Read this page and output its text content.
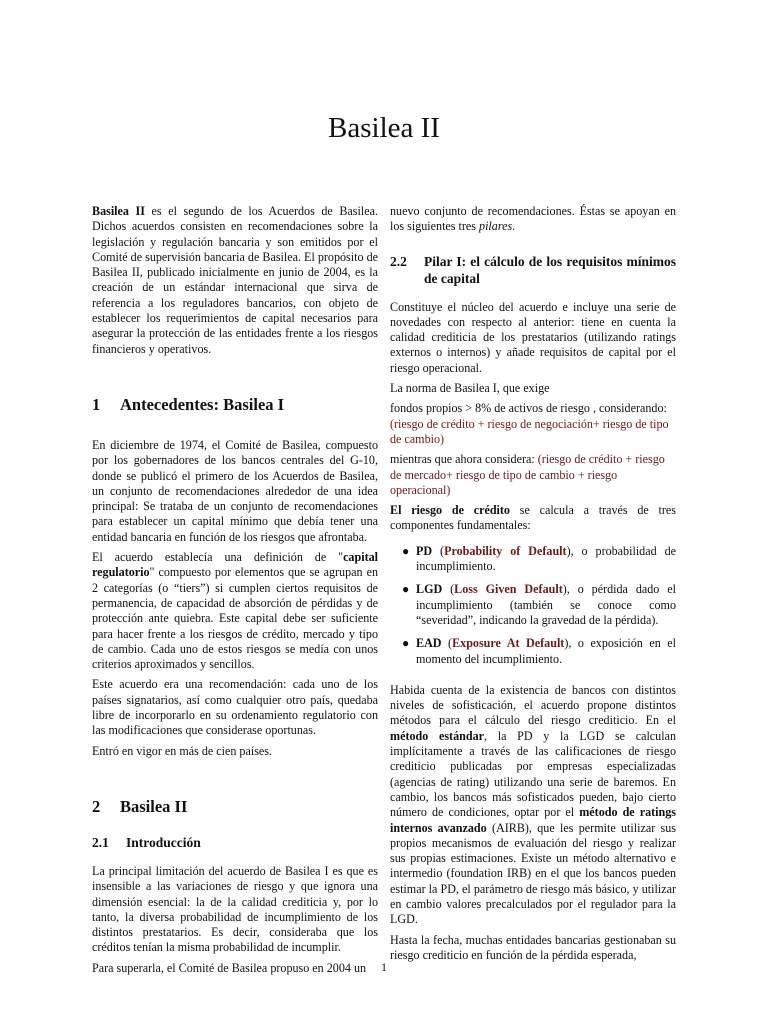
Basilea II

Basilea II es el segundo de los Acuerdos de Basilea. Dichos acuerdos consisten en recomendaciones sobre la legislación y regulación bancaria y son emitidos por el Comité de supervisión bancaria de Basilea. El propósito de Basilea II, publicado inicialmente en junio de 2004, es la creación de un estándar internacional que sirva de referencia a los reguladores bancarios, con objeto de establecer los requerimientos de capital necesarios para asegurar la protección de las entidades frente a los riesgos financieros y operativos.

1	Antecedentes: Basilea I

En diciembre de 1974, el Comité de Basilea, compuesto por los gobernadores de los bancos centrales del G-10, donde se publicó el primero de los Acuerdos de Basilea, un conjunto de recomendaciones alrededor de una idea principal: Se trataba de un conjunto de recomendaciones para establecer un capital mínimo que debía tener una entidad bancaria en función de los riesgos que afrontaba.

El acuerdo establecía una definición de "capital regulatorio" compuesto por elementos que se agrupan en 2 categorías (o “tiers”) si cumplen ciertos requisitos de permanencia, de capacidad de absorción de pérdidas y de protección ante quiebra. Este capital debe ser suficiente para hacer frente a los riesgos de crédito, mercado y tipo de cambio. Cada uno de estos riesgos se medía con unos criterios aproximados y sencillos.

Este acuerdo era una recomendación: cada uno de los países signatarios, así como cualquier otro país, quedaba libre de incorporarlo en su ordenamiento regulatorio con las modificaciones que considerase oportunas.

Entró en vigor en más de cien países.

2	Basilea II
2.1	Introducción

La principal limitación del acuerdo de Basilea I es que es insensible a las variaciones de riesgo y que ignora una dimensión esencial: la de la calidad crediticia y, por lo tanto, la diversa probabilidad de incumplimiento de los distintos prestatarios. Es decir, consideraba que los créditos tenían la misma probabilidad de incumplir.

Para superarla, el Comité de Basilea propuso en 2004 un

nuevo conjunto de recomendaciones. Éstas se apoyan en los siguientes tres pilares.

2.2	Pilar I: el cálculo de los requisitos mínimos de capital

Constituye el núcleo del acuerdo e incluye una serie de novedades con respecto al anterior: tiene en cuenta la calidad crediticia de los prestatarios (utilizando ratings externos o internos) y añade requisitos de capital por el riesgo operacional.

La norma de Basilea I, que exige

fondos propios > 8% de activos de riesgo , considerando: (riesgo de crédito + riesgo de negociación+ riesgo de tipo de cambio)

mientras que ahora considera: (riesgo de crédito + riesgo de mercado+ riesgo de tipo de cambio + riesgo operacional)

El riesgo de crédito se calcula a través de tres componentes fundamentales:

● PD (Probability of Default), o probabilidad de incumplimiento.
● LGD (Loss Given Default), o pérdida dado el incumplimiento (también se conoce como “severidad”, indicando la gravedad de la pérdida).
● EAD (Exposure At Default), o exposición en el momento del incumplimiento.

Habida cuenta de la existencia de bancos con distintos niveles de sofisticación, el acuerdo propone distintos métodos para el cálculo del riesgo crediticio. En el método estándar, la PD y la LGD se calculan implícitamente a través de las calificaciones de riesgo crediticio publicadas por empresas especializadas (agencias de rating) utilizando una serie de baremos. En cambio, los bancos más sofisticados pueden, bajo cierto número de condiciones, optar por el método de ratings internos avanzado (AIRB), que les permite utilizar sus propios mecanismos de evaluación del riesgo y realizar sus propias estimaciones. Existe un método alternativo e intermedio (foundation IRB) en el que los bancos pueden estimar la PD, el parámetro de riesgo más básico, y utilizar en cambio valores precalculados por el regulador para la LGD.

Hasta la fecha, muchas entidades bancarias gestionaban su riesgo crediticio en función de la pérdida esperada,

1
